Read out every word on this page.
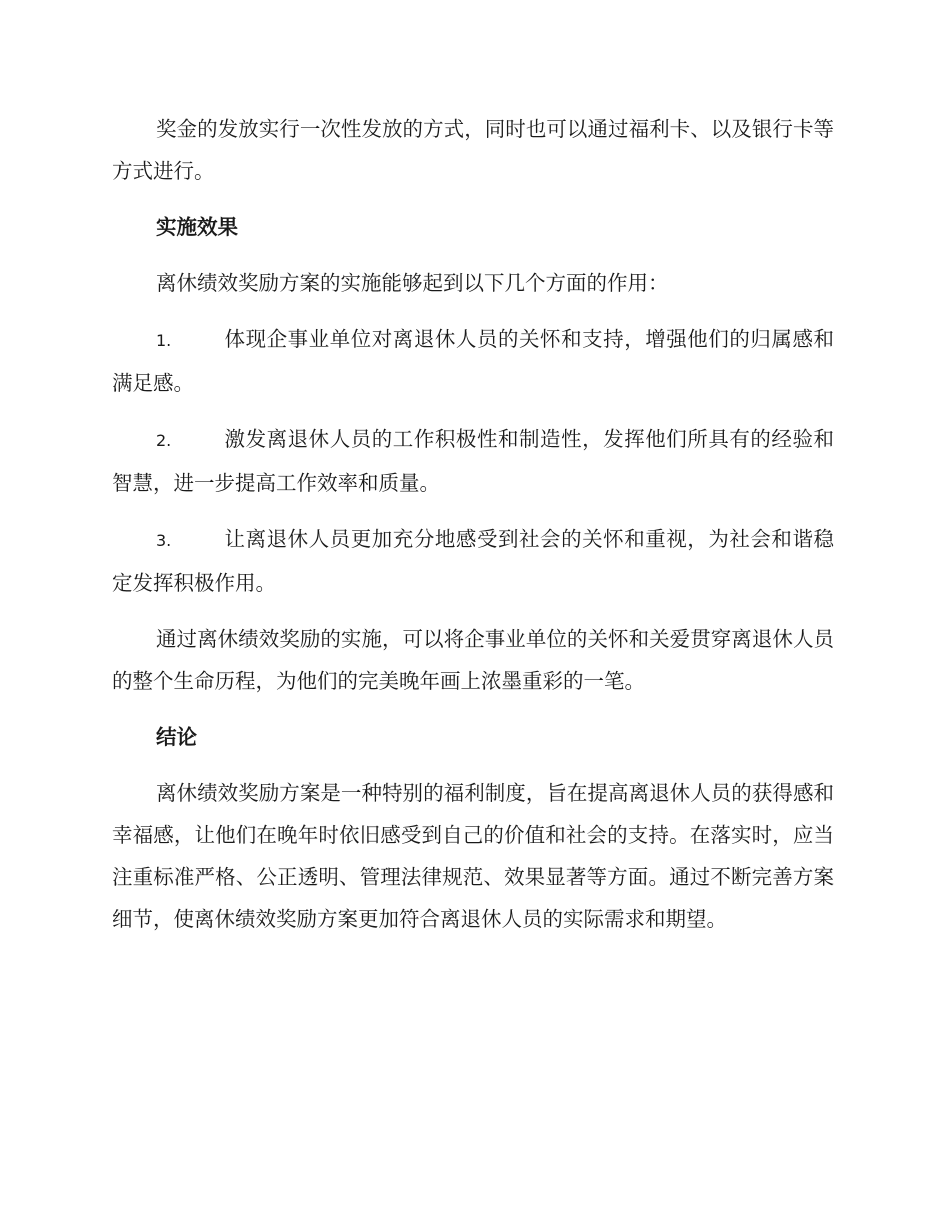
奖金的发放实行一次性发放的方式，同时也可以通过福利卡、以及银行卡等方式进行。

实施效果

离休绩效奖励方案的实施能够起到以下几个方面的作用：

1.	体现企事业单位对离退休人员的关怀和支持，增强他们的归属感和满足感。
2.	激发离退休人员的工作积极性和制造性，发挥他们所具有的经验和智慧，进一步提高工作效率和质量。
3.	让离退休人员更加充分地感受到社会的关怀和重视，为社会和谐稳定发挥积极作用。

通过离休绩效奖励的实施，可以将企事业单位的关怀和关爱贯穿离退休人员的整个生命历程，为他们的完美晚年画上浓墨重彩的一笔。

结论

离休绩效奖励方案是一种特别的福利制度，旨在提高离退休人员的获得感和幸福感，让他们在晚年时依旧感受到自己的价值和社会的支持。在落实时，应当注重标准严格、公正透明、管理法律规范、效果显著等方面。通过不断完善方案细节，使离休绩效奖励方案更加符合离退休人员的实际需求和期望。
